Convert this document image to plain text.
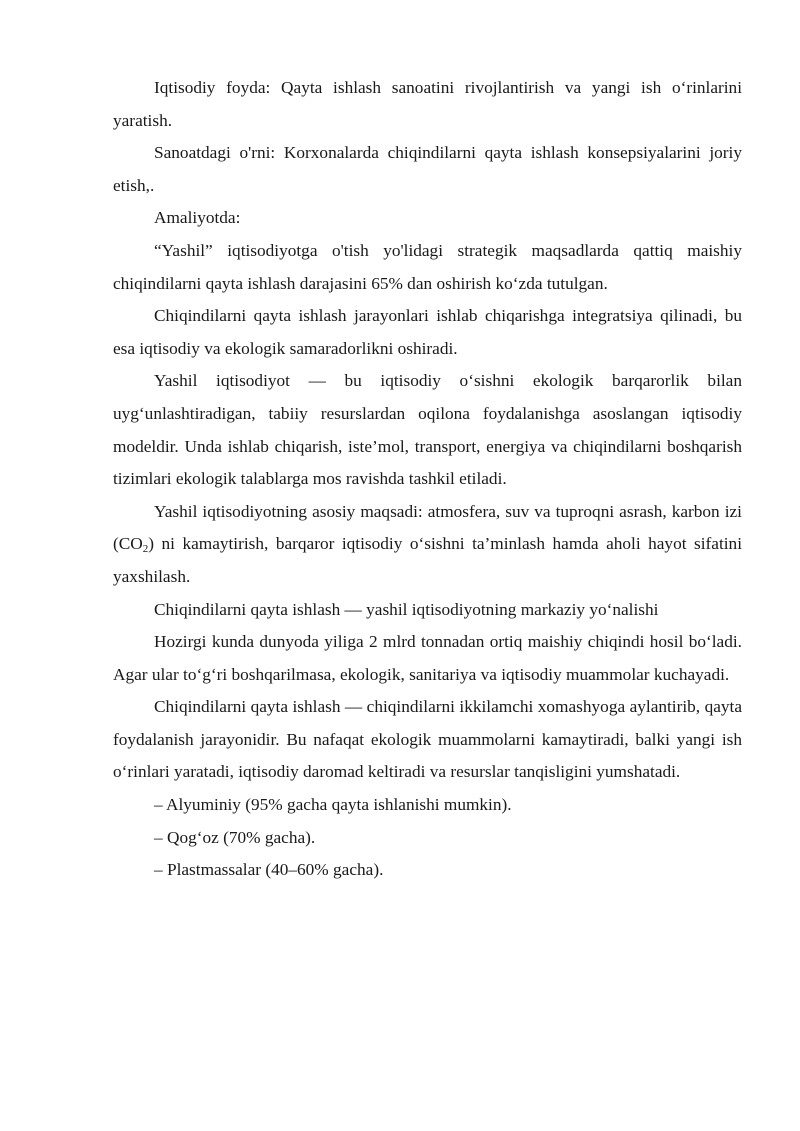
Iqtisodiy foyda: Qayta ishlash sanoatini rivojlantirish va yangi ish o‘rinlarini yaratish.

Sanoatdagi o'rni: Korxonalarda chiqindilarni qayta ishlash konsepsiyalarini joriy etish,.

Amaliyotda:

“Yashil” iqtisodiyotga o'tish yo'lidagi strategik maqsadlarda qattiq maishiy chiqindilarni qayta ishlash darajasini 65% dan oshirish ko‘zda tutulgan.

Chiqindilarni qayta ishlash jarayonlari ishlab chiqarishga integratsiya qilinadi, bu esa iqtisodiy va ekologik samaradorlikni oshiradi.

Yashil iqtisodiyot — bu iqtisodiy o‘sishni ekologik barqarorlik bilan uyg‘unlashtiradigan, tabiiy resurslardan oqilona foydalanishga asoslangan iqtisodiy modeldir. Unda ishlab chiqarish, iste’mol, transport, energiya va chiqindilarni boshqarish tizimlari ekologik talablarga mos ravishda tashkil etiladi.

Yashil iqtisodiyotning asosiy maqsadi: atmosfera, suv va tuproqni asrash, karbon izi $(CO_2)$ ni kamaytirish, barqaror iqtisodiy o‘sishni ta’minlash hamda aholi hayot sifatini yaxshilash.

Chiqindilarni qayta ishlash — yashil iqtisodiyotning markaziy yo‘nalishi

Hozirgi kunda dunyoda yiliga 2 mlrd tonnadan ortiq maishiy chiqindi hosil bo‘ladi. Agar ular to‘g‘ri boshqarilmasa, ekologik, sanitariya va iqtisodiy muammolar kuchayadi.

Chiqindilarni qayta ishlash — chiqindilarni ikkilamchi xomashyoga aylantirib, qayta foydalanish jarayonidir. Bu nafaqat ekologik muammolarni kamaytiradi, balki yangi ish o‘rinlari yaratadi, iqtisodiy daromad keltiradi va resurslar tanqisligini yumshatadi.

– Alyuminiy (95% gacha qayta ishlanishi mumkin).

– Qog‘oz (70% gacha).

– Plastmassalar (40–60% gacha).
